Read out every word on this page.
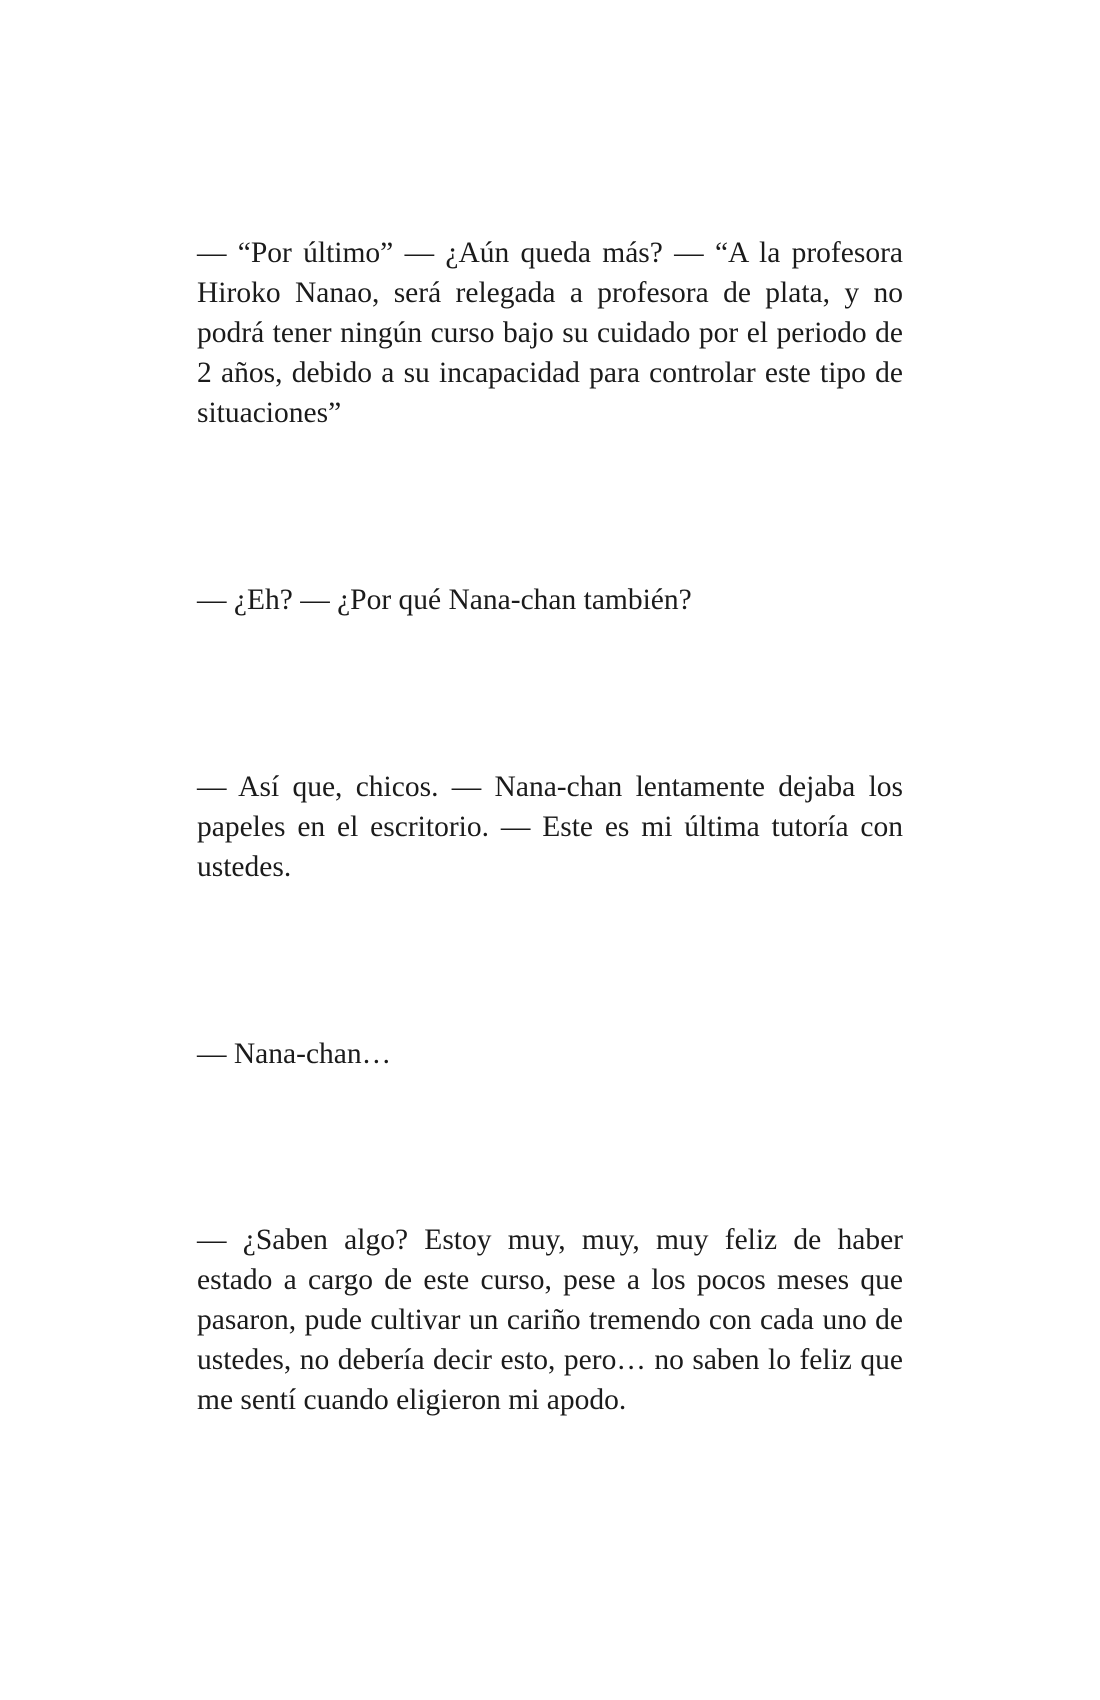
— “Por último” — ¿Aún queda más? — “A la profesora Hiroko Nanao, será relegada a profesora de plata, y no podrá tener ningún curso bajo su cuidado por el periodo de 2 años, debido a su incapacidad para controlar este tipo de situaciones”

— ¿Eh? — ¿Por qué Nana-chan también?

— Así que, chicos. — Nana-chan lentamente dejaba los papeles en el escritorio. — Este es mi última tutoría con ustedes.

— Nana-chan…

— ¿Saben algo? Estoy muy, muy, muy feliz de haber estado a cargo de este curso, pese a los pocos meses que pasaron, pude cultivar un cariño tremendo con cada uno de ustedes, no debería decir esto, pero… no saben lo feliz que me sentí cuando eligieron mi apodo.
